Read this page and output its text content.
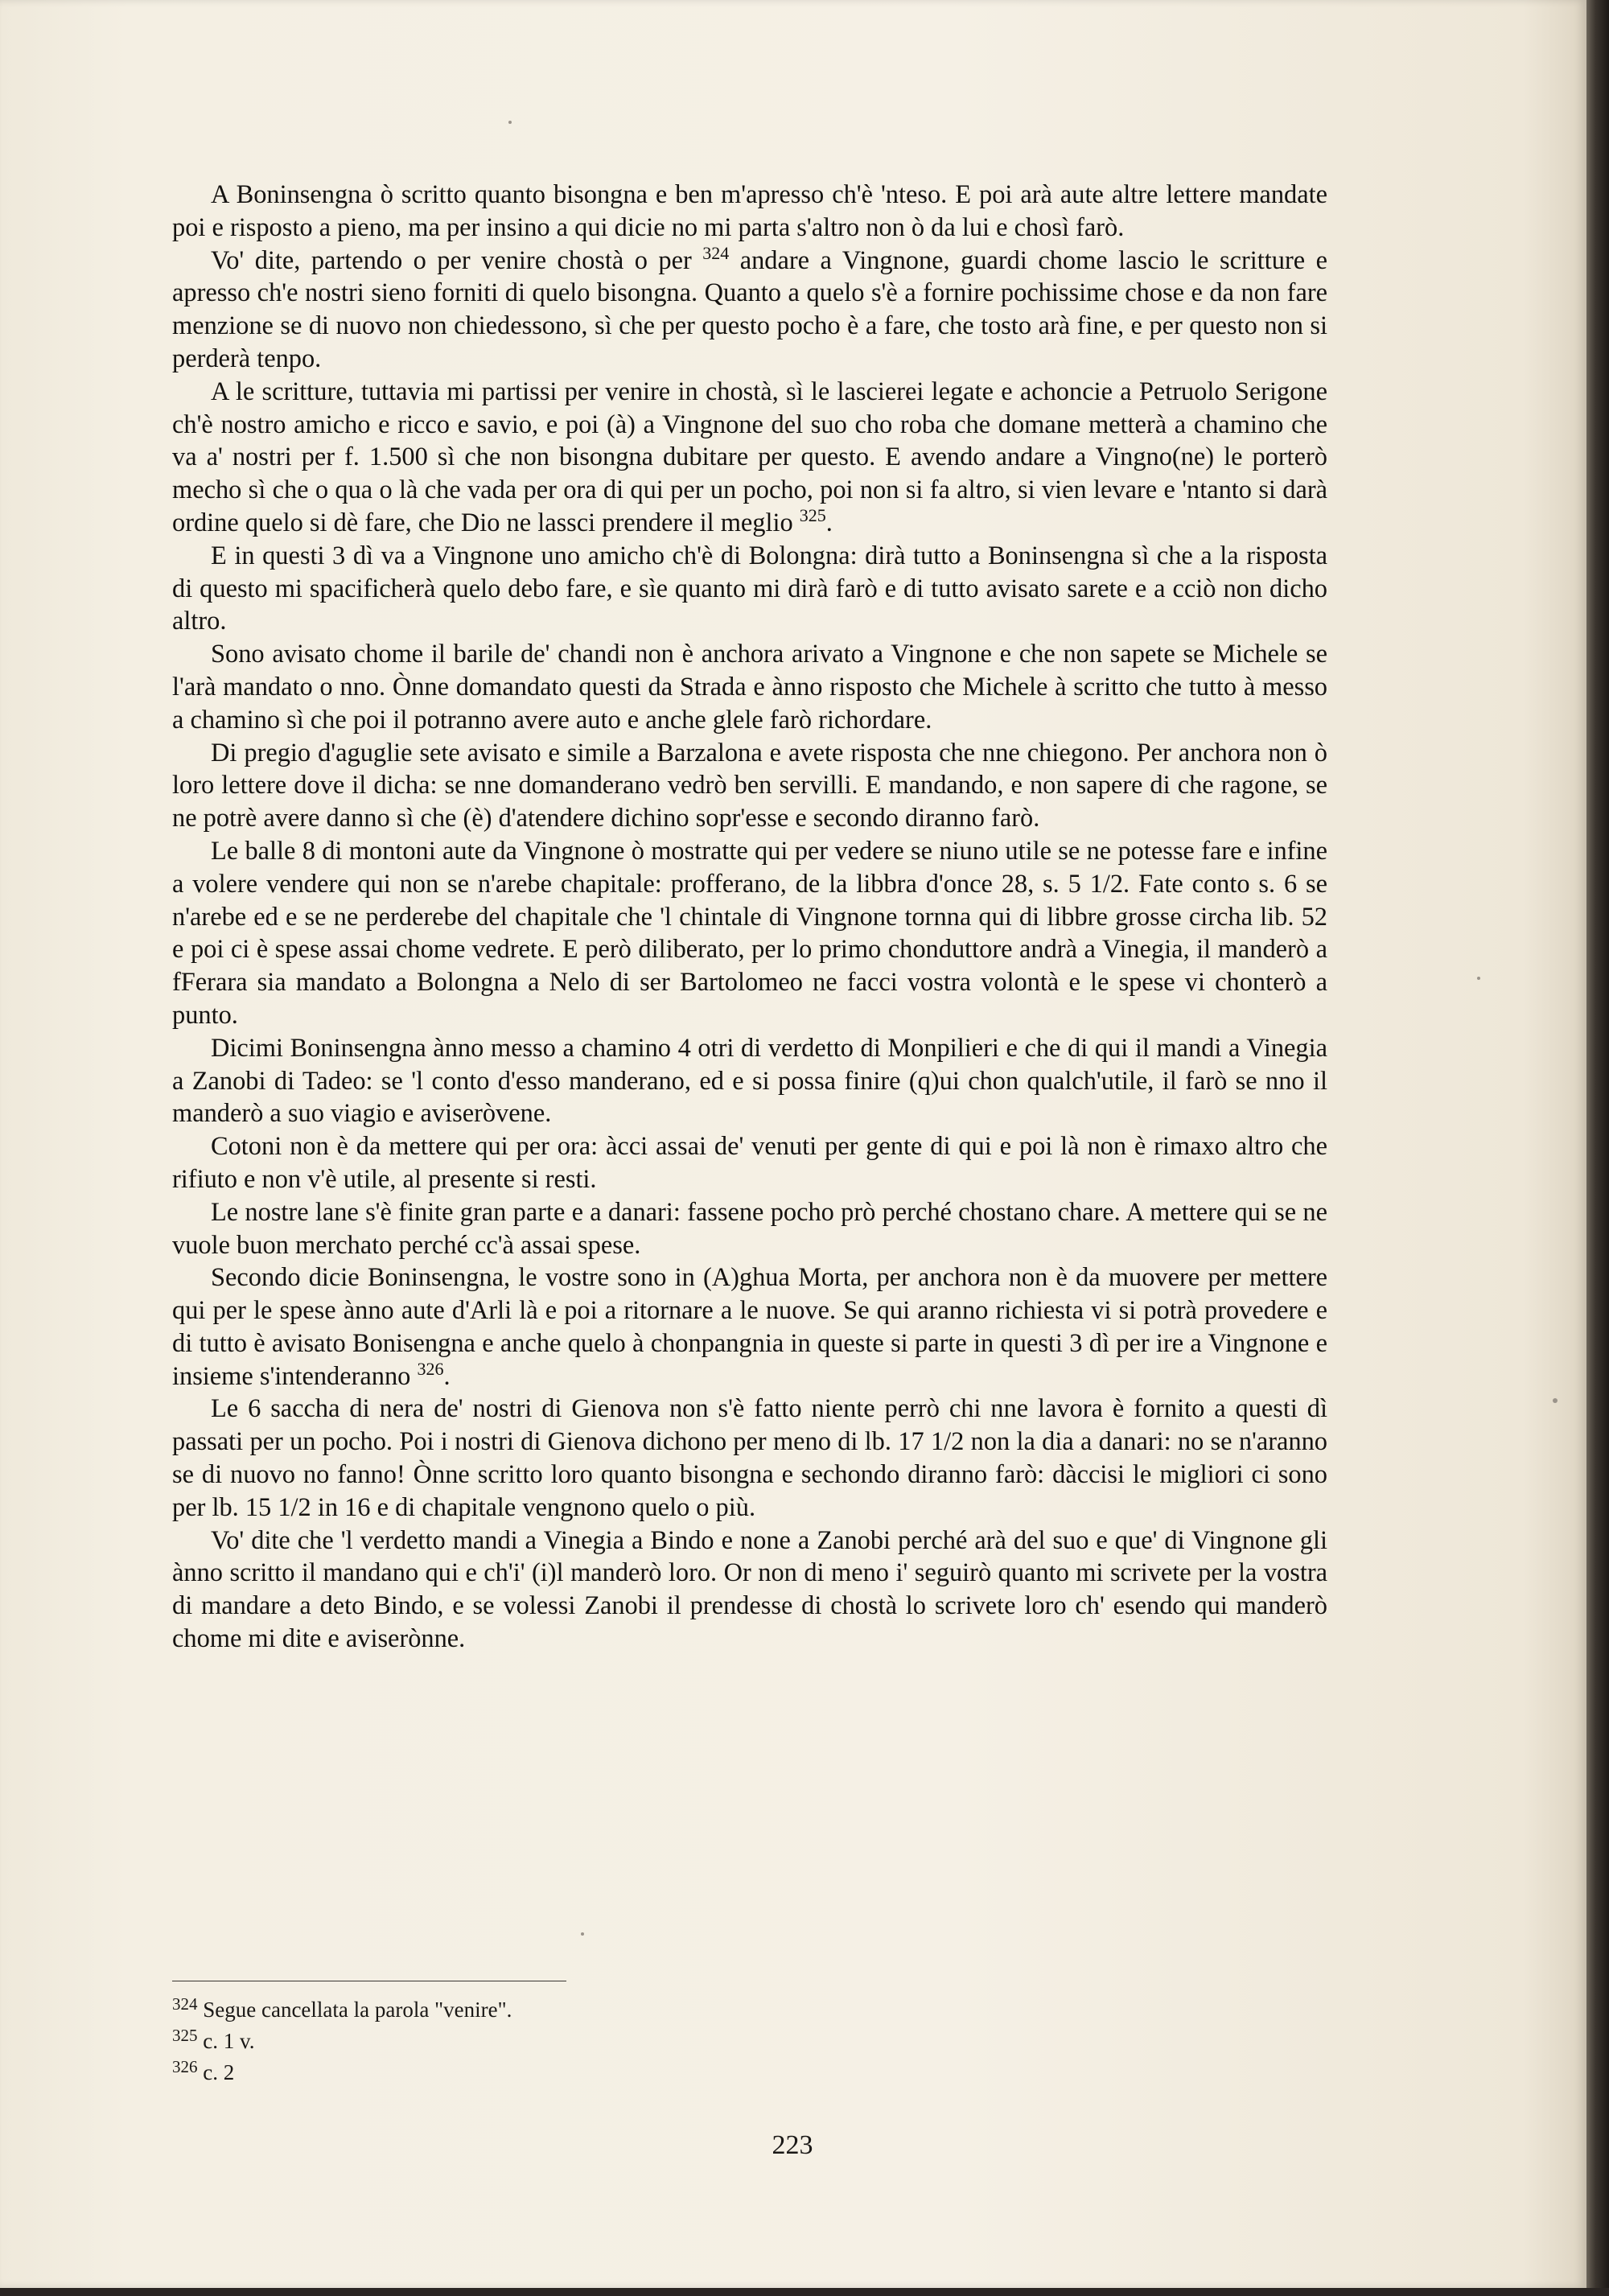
A Boninsengna ò scritto quanto bisongna e ben m'apresso ch'è 'nteso. E poi arà aute altre lettere mandate poi e risposto a pieno, ma per insino a qui dicie no mi parta s'altro non ò da lui e chosì farò.

Vo' dite, partendo o per venire chostà o per $^{324}$ andare a Vingnone, guardi chome lascio le scritture e apresso ch'e nostri sieno forniti di quelo bisongna. Quanto a quelo s'è a fornire pochissime chose e da non fare menzione se di nuovo non chiedessono, sì che per questo pocho è a fare, che tosto arà fine, e per questo non si perderà tenpo.

A le scritture, tuttavia mi partissi per venire in chostà, sì le lascierei legate e achoncie a Petruolo Serigone ch'è nostro amicho e ricco e savio, e poi (à) a Vingnone del suo cho roba che domane metterà a chamino che va a' nostri per f. 1.500 sì che non bisongna dubitare per questo. E avendo andare a Vingno(ne) le porterò mecho sì che o qua o là che vada per ora di qui per un pocho, poi non si fa altro, si vien levare e 'ntanto si darà ordine quelo si dè fare, che Dio ne lassci prendere il meglio $^{325}$.

E in questi 3 dì va a Vingnone uno amicho ch'è di Bolongna: dirà tutto a Boninsengna sì che a la risposta di questo mi spacificherà quelo debo fare, e sìe quanto mi dirà farò e di tutto avisato sarete e a cciò non dicho altro.

Sono avisato chome il barile de' chandi non è anchora arivato a Vingnone e che non sapete se Michele se l'arà mandato o nno. Ònne domandato questi da Strada e ànno risposto che Michele à scritto che tutto à messo a chamino sì che poi il potranno avere auto e anche glele farò richordare.

Di pregio d'aguglie sete avisato e simile a Barzalona e avete risposta che nne chiegono. Per anchora non ò loro lettere dove il dicha: se nne domanderano vedrò ben servilli. E mandando, e non sapere di che ragone, se ne potrè avere danno sì che (è) d'atendere dichino sopr'esse e secondo diranno farò.

Le balle 8 di montoni aute da Vingnone ò mostratte qui per vedere se niuno utile se ne potesse fare e infine a volere vendere qui non se n'arebe chapitale: profferano, de la libbra d'once 28, s. 5 1/2. Fate conto s. 6 se n'arebe ed e se ne perderebe del chapitale che 'l chintale di Vingnone tornna qui di libbre grosse circha lib. 52 e poi ci è spese assai chome vedrete. E però diliberato, per lo primo chonduttore andrà a Vinegia, il manderò a fFerara sia mandato a Bolongna a Nelo di ser Bartolomeo ne facci vostra volontà e le spese vi chonterò a punto.

Dicimi Boninsengna ànno messo a chamino 4 otri di verdetto di Monpilieri e che di qui il mandi a Vinegia a Zanobi di Tadeo: se 'l conto d'esso manderano, ed e si possa finire (q)ui chon qualch'utile, il farò se nno il manderò a suo viagio e aviseròvene.

Cotoni non è da mettere qui per ora: àcci assai de' venuti per gente di qui e poi là non è rimaxo altro che rifiuto e non v'è utile, al presente si resti.

Le nostre lane s'è finite gran parte e a danari: fassene pocho prò perché chostano chare. A mettere qui se ne vuole buon merchato perché cc'à assai spese.

Secondo dicie Boninsengna, le vostre sono in (A)ghua Morta, per anchora non è da muovere per mettere qui per le spese ànno aute d'Arli là e poi a ritornare a le nuove. Se qui aranno richiesta vi si potrà provedere e di tutto è avisato Bonisengna e anche quelo à chonpangnia in queste si parte in questi 3 dì per ire a Vingnone e insieme s'intenderanno $^{326}$.

Le 6 saccha di nera de' nostri di Gienova non s'è fatto niente perrò chi nne lavora è fornito a questi dì passati per un pocho. Poi i nostri di Gienova dichono per meno di lb. 17 1/2 non la dia a danari: no se n'aranno se di nuovo no fanno! Ònne scritto loro quanto bisongna e sechondo diranno farò: dàccisi le migliori ci sono per lb. 15 1/2 in 16 e di chapitale vengnono quelo o più.

Vo' dite che 'l verdetto mandi a Vinegia a Bindo e none a Zanobi perché arà del suo e que' di Vingnone gli ànno scritto il mandano qui e ch'i' (i)l manderò loro. Or non di meno i' seguirò quanto mi scrivete per la vostra di mandare a deto Bindo, e se volessi Zanobi il prendesse di chostà lo scrivete loro ch' esendo qui manderò chome mi dite e aviserònne.

$^{324}$ Segue cancellata la parola "venire".

$^{325}$ c. 1 v.

$^{326}$ c. 2

223
